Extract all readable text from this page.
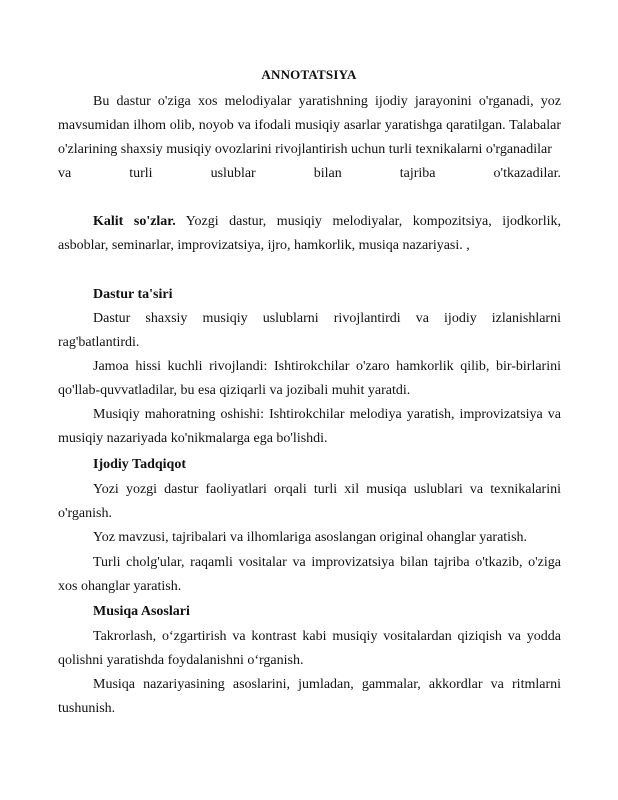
ANNOTATSIYA

Bu dastur o'ziga xos melodiyalar yaratishning ijodiy jarayonini o'rganadi, yoz mavsumidan ilhom olib, noyob va ifodali musiqiy asarlar yaratishga qaratilgan. Talabalar o'zlarining shaxsiy musiqiy ovozlarini rivojlantirish uchun turli texnikalarni o'rganadilar

va turli uslublar bilan tajriba o'tkazadilar.

Kalit so'zlar. Yozgi dastur, musiqiy melodiyalar, kompozitsiya, ijodkorlik, asboblar, seminarlar, improvizatsiya, ijro, hamkorlik, musiqa nazariyasi. ,

Dastur ta'siri

Dastur shaxsiy musiqiy uslublarni rivojlantirdi va ijodiy izlanishlarni rag'batlantirdi.

Jamoa hissi kuchli rivojlandi: Ishtirokchilar o'zaro hamkorlik qilib, bir-birlarini qo'llab-quvvatladilar, bu esa qiziqarli va jozibali muhit yaratdi.

Musiqiy mahoratning oshishi: Ishtirokchilar melodiya yaratish, improvizatsiya va musiqiy nazariyada ko'nikmalarga ega bo'lishdi.

Ijodiy Tadqiqot

Yozi yozgi dastur faoliyatlari orqali turli xil musiqa uslublari va texnikalarini o'rganish.

Yoz mavzusi, tajribalari va ilhomlariga asoslangan original ohanglar yaratish.

Turli cholg'ular, raqamli vositalar va improvizatsiya bilan tajriba o'tkazib, o'ziga xos ohanglar yaratish.

Musiqa Asoslari

Takrorlash, o‘zgartirish va kontrast kabi musiqiy vositalardan qiziqish va yodda qolishni yaratishda foydalanishni o‘rganish.

Musiqa nazariyasining asoslarini, jumladan, gammalar, akkordlar va ritmlarni tushunish.
